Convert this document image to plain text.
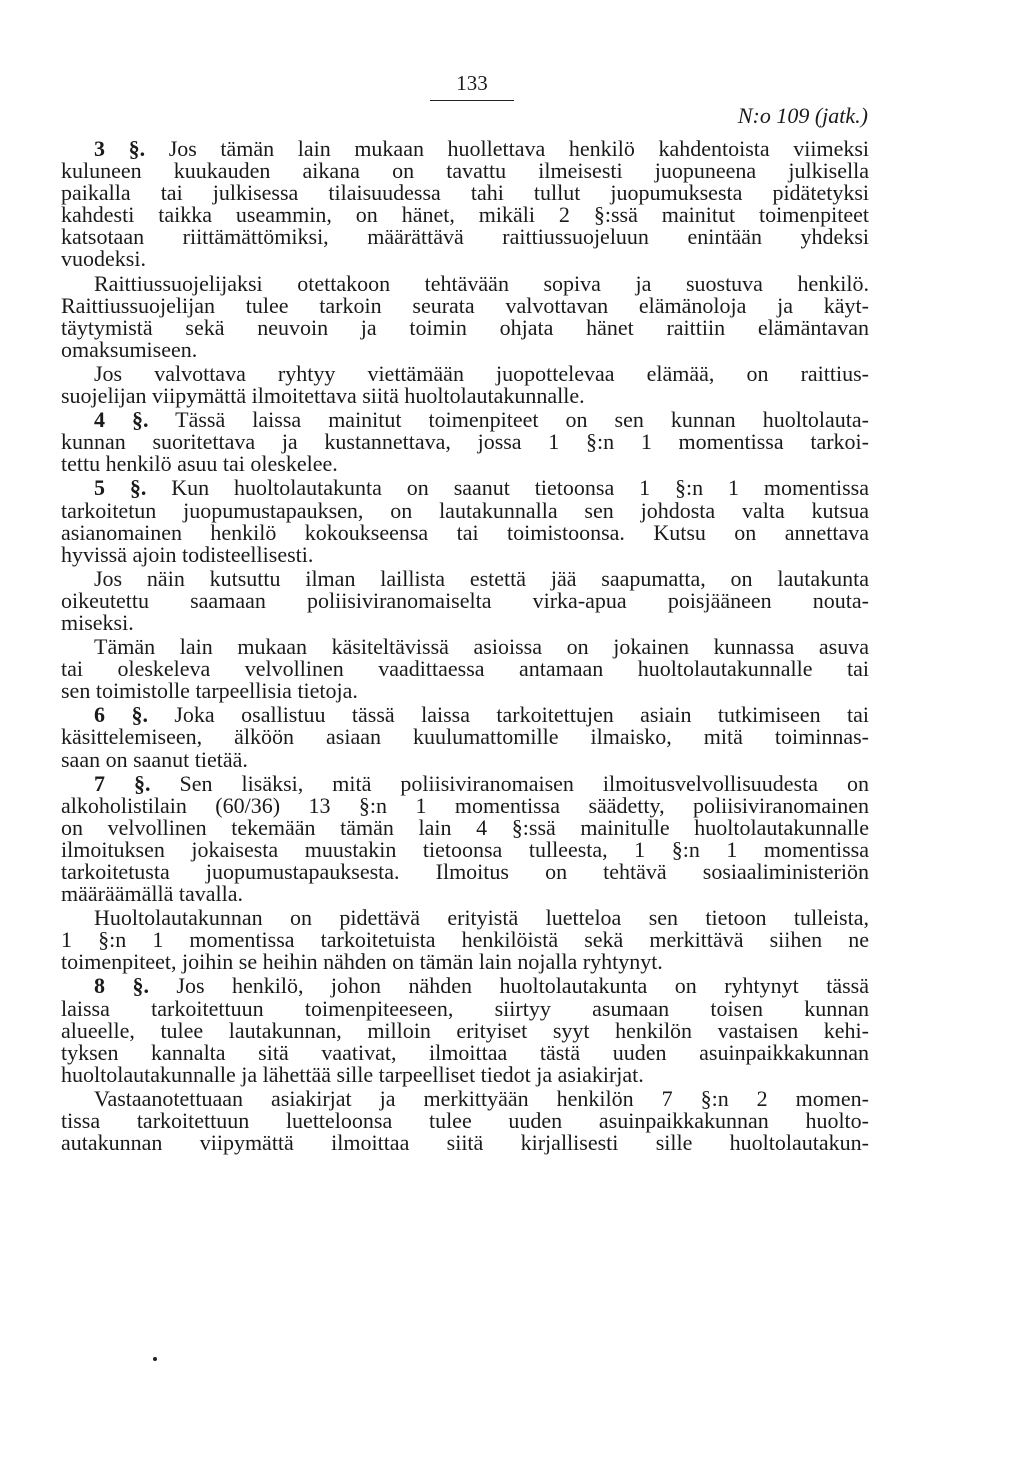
133
N:o 109 (jatk.)
3 §. Jos tämän lain mukaan huollettava henkilö kahdentoista viimeksi
kuluneen kuukauden aikana on tavattu ilmeisesti juopuneena julkisella
paikalla tai julkisessa tilaisuudessa tahi tullut juopumuksesta pidätetyksi
kahdesti taikka useammin, on hänet, mikäli 2 §:ssä mainitut toimenpiteet
katsotaan riittämättömiksi, määrättävä raittiussuojeluun enintään yhdeksi
vuodeksi.
Raittiussuojelijaksi otettakoon tehtävään sopiva ja suostuva henkilö.
Raittiussuojelijan tulee tarkoin seurata valvottavan elämänoloja ja käyt-
täytymistä sekä neuvoin ja toimin ohjata hänet raittiin elämäntavan
omaksumiseen.
Jos valvottava ryhtyy viettämään juopottelevaa elämää, on raittius-
suojelijan viipymättä ilmoitettava siitä huoltolautakunnalle.
4 §. Tässä laissa mainitut toimenpiteet on sen kunnan huoltolauta-
kunnan suoritettava ja kustannettava, jossa 1 §:n 1 momentissa tarkoi-
tettu henkilö asuu tai oleskelee.
5 §. Kun huoltolautakunta on saanut tietoonsa 1 §:n 1 momentissa
tarkoitetun juopumustapauksen, on lautakunnalla sen johdosta valta kutsua
asianomainen henkilö kokoukseensa tai toimistoonsa. Kutsu on annettava
hyvissä ajoin todisteellisesti.
Jos näin kutsuttu ilman laillista estettä jää saapumatta, on lautakunta
oikeutettu saamaan poliisiviranomaiselta virka-apua poisjääneen nouta-
miseksi.
Tämän lain mukaan käsiteltävissä asioissa on jokainen kunnassa asuva
tai oleskeleva velvollinen vaadittaessa antamaan huoltolautakunnalle tai
sen toimistolle tarpeellisia tietoja.
6 §. Joka osallistuu tässä laissa tarkoitettujen asiain tutkimiseen tai
käsittelemiseen, älköön asiaan kuulumattomille ilmaisko, mitä toiminnas-
saan on saanut tietää.
7 §. Sen lisäksi, mitä poliisiviranomaisen ilmoitusvelvollisuudesta on
alkoholistilain (60/36) 13 §:n 1 momentissa säädetty, poliisiviranomainen
on velvollinen tekemään tämän lain 4 §:ssä mainitulle huoltolautakunnalle
ilmoituksen jokaisesta muustakin tietoonsa tulleesta, 1 §:n 1 momentissa
tarkoitetusta juopumustapauksesta. Ilmoitus on tehtävä sosiaaliministeriön
määräämällä tavalla.
Huoltolautakunnan on pidettävä erityistä luetteloa sen tietoon tulleista,
1 §:n 1 momentissa tarkoitetuista henkilöistä sekä merkittävä siihen ne
toimenpiteet, joihin se heihin nähden on tämän lain nojalla ryhtynyt.
8 §. Jos henkilö, johon nähden huoltolautakunta on ryhtynyt tässä
laissa tarkoitettuun toimenpiteeseen, siirtyy asumaan toisen kunnan
alueelle, tulee lautakunnan, milloin erityiset syyt henkilön vastaisen kehi-
tyksen kannalta sitä vaativat, ilmoittaa tästä uuden asuinpaikkakunnan
huoltolautakunnalle ja lähettää sille tarpeelliset tiedot ja asiakirjat.
Vastaanotettuaan asiakirjat ja merkittyään henkilön 7 §:n 2 momen-
tissa tarkoitettuun luetteloonsa tulee uuden asuinpaikkakunnan huolto-
autakunnan viipymättä ilmoittaa siitä kirjallisesti sille huoltolautakun-
